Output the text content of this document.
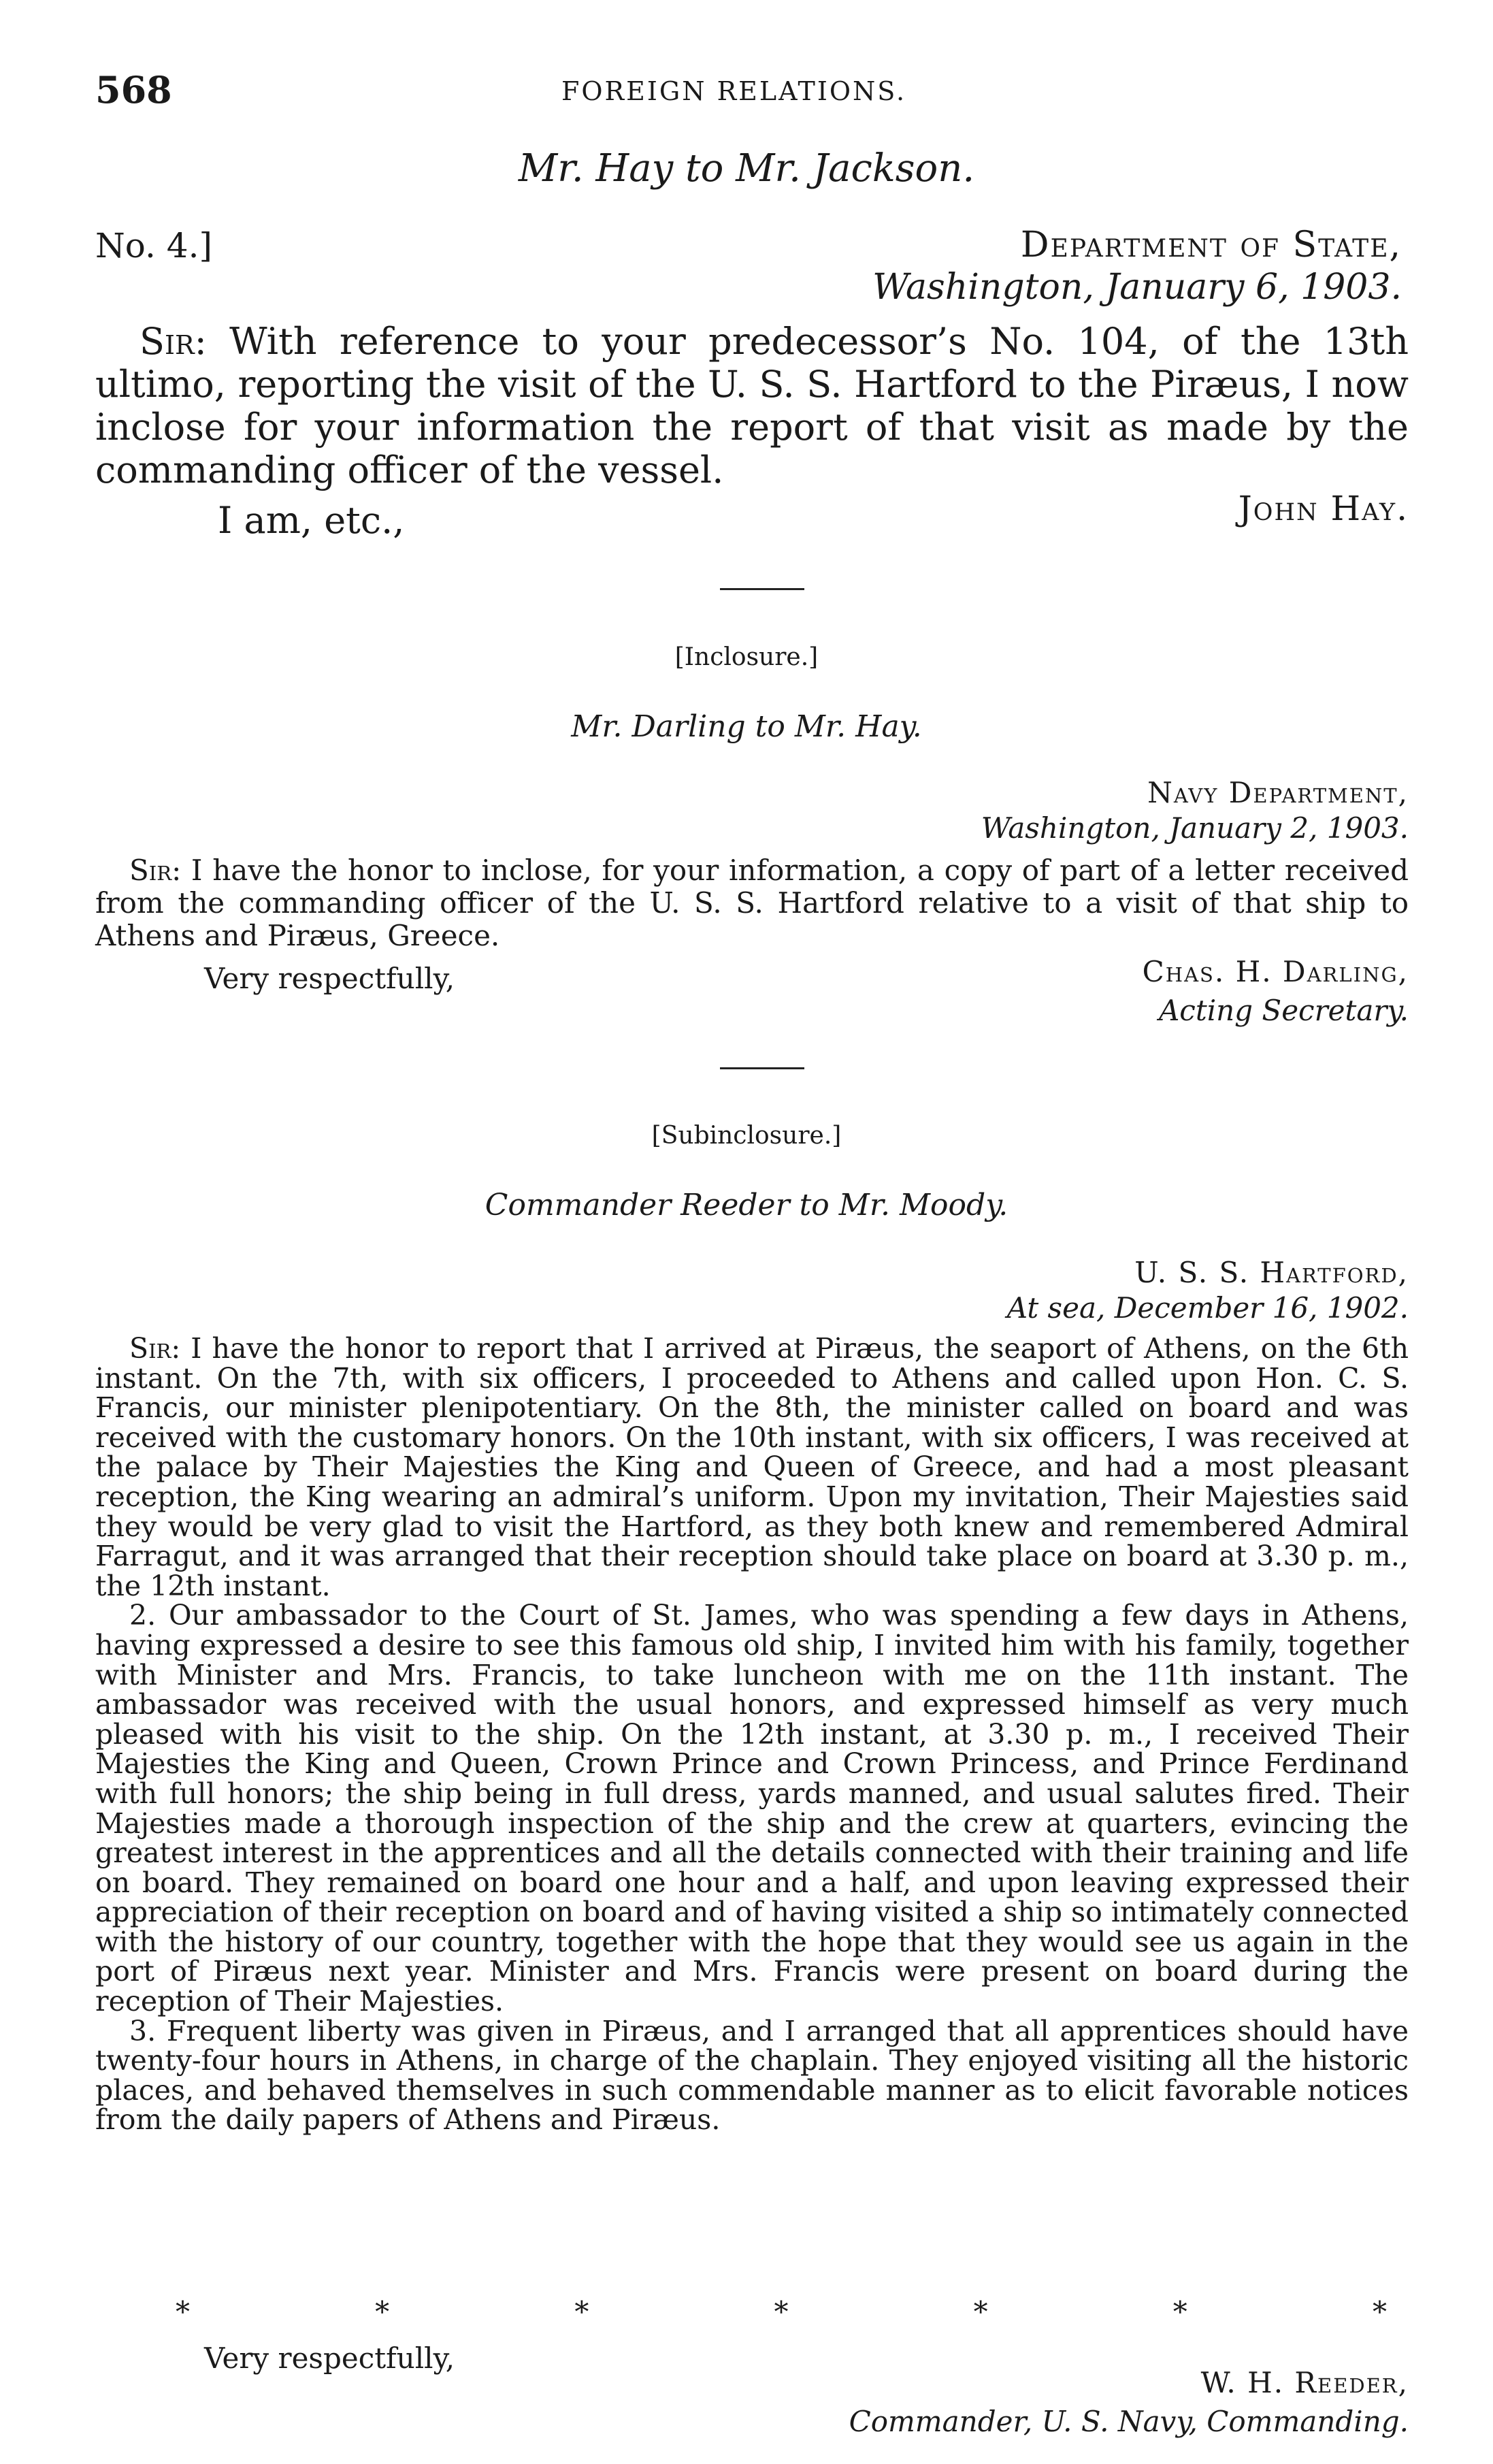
568	FOREIGN RELATIONS.
Mr. Hay to Mr. Jackson.
No. 4.]	Department of State,
Washington, January 6, 1903.
Sir: With reference to your predecessor’s No. 104, of the 13th ultimo, reporting the visit of the U. S. S. Hartford to the Piræus, I now inclose for your information the report of that visit as made by the commanding officer of the vessel.
I am, etc.,	John Hay.
[Inclosure.]
Mr. Darling to Mr. Hay.
Navy Department,
Washington, January 2, 1903.
Sir: I have the honor to inclose, for your information, a copy of part of a letter received from the commanding officer of the U. S. S. Hartford relative to a visit of that ship to Athens and Piræus, Greece.
Very respectfully,	Chas. H. Darling,
Acting Secretary.
[Subinclosure.]
Commander Reeder to Mr. Moody.
U. S. S. Hartford,
At sea, December 16, 1902.

Sir: I have the honor to report that I arrived at Piræus, the seaport of Athens, on the 6th instant. On the 7th, with six officers, I proceeded to Athens and called upon Hon. C. S. Francis, our minister plenipotentiary. On the 8th, the minister called on board and was received with the customary honors. On the 10th instant, with six officers, I was received at the palace by Their Majesties the King and Queen of Greece, and had a most pleasant reception, the King wearing an admiral’s uniform. Upon my invitation, Their Majesties said they would be very glad to visit the Hartford, as they both knew and remembered Admiral Farragut, and it was arranged that their reception should take place on board at 3.30 p. m., the 12th instant.

2. Our ambassador to the Court of St. James, who was spending a few days in Athens, having expressed a desire to see this famous old ship, I invited him with his family, together with Minister and Mrs. Francis, to take luncheon with me on the 11th instant. The ambassador was received with the usual honors, and expressed himself as very much pleased with his visit to the ship. On the 12th instant, at 3.30 p. m., I received Their Majesties the King and Queen, Crown Prince and Crown Princess, and Prince Ferdinand with full honors; the ship being in full dress, yards manned, and usual salutes fired. Their Majesties made a thorough inspection of the ship and the crew at quarters, evincing the greatest interest in the apprentices and all the details connected with their training and life on board. They remained on board one hour and a half, and upon leaving expressed their appreciation of their reception on board and of having visited a ship so intimately connected with the history of our country, together with the hope that they would see us again in the port of Piræus next year. Minister and Mrs. Francis were present on board during the reception of Their Majesties.

3. Frequent liberty was given in Piræus, and I arranged that all apprentices should have twenty-four hours in Athens, in charge of the chaplain. They enjoyed visiting all the historic places, and behaved themselves in such commendable manner as to elicit favorable notices from the daily papers of Athens and Piræus.

*	*	*	*	*	*	*
Very respectfully,
W. H. Reeder,
Commander, U. S. Navy, Commanding.
